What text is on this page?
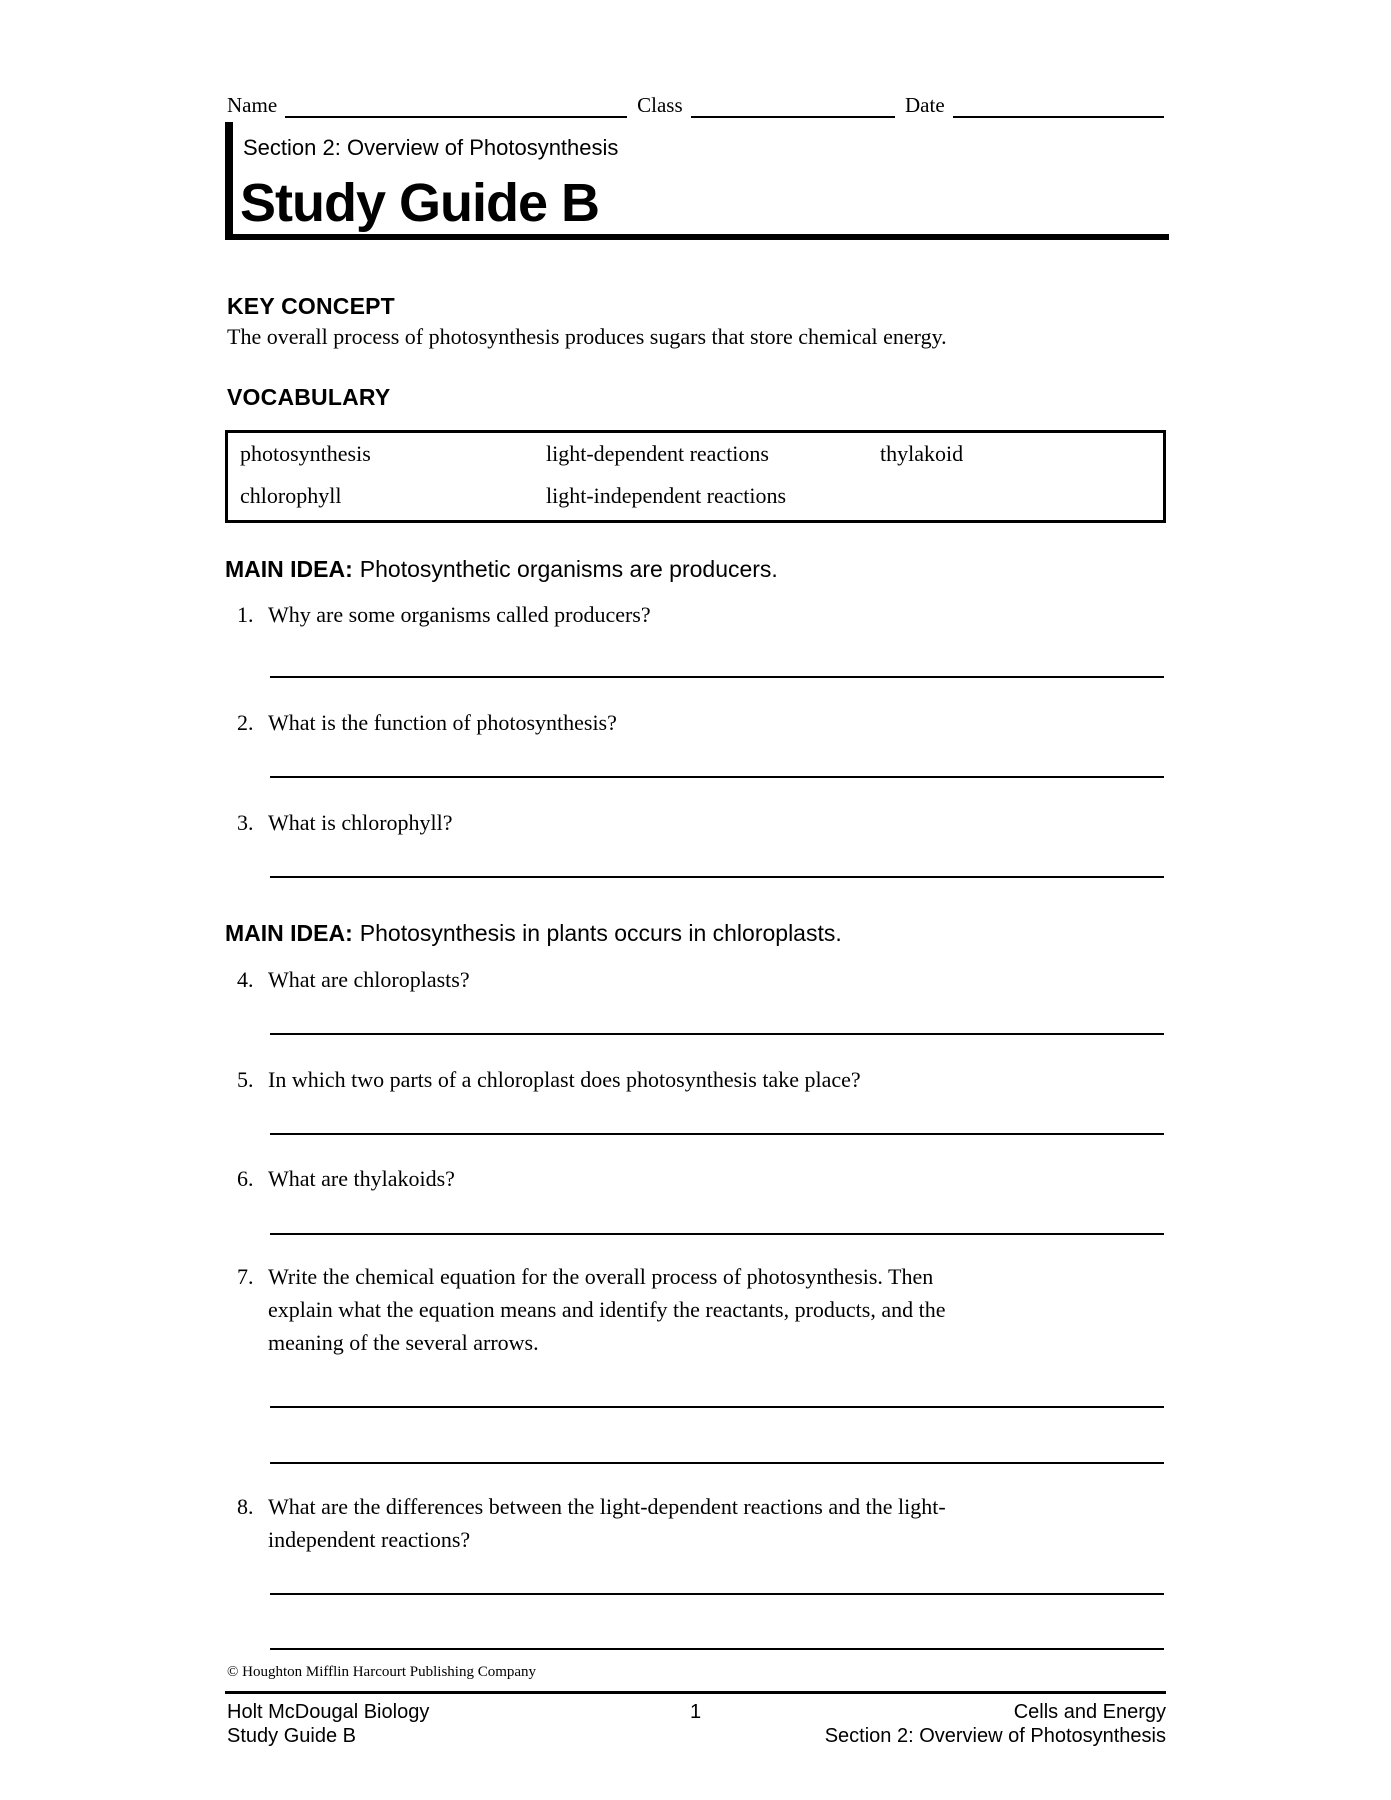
Name	Class	Date
Section 2: Overview of Photosynthesis
Study Guide B
KEY CONCEPT
The overall process of photosynthesis produces sugars that store chemical energy.
VOCABULARY
photosynthesis	light-dependent reactions	thylakoid
chlorophyll	light-independent reactions
MAIN IDEA: Photosynthetic organisms are producers.
1. Why are some organisms called producers?
2. What is the function of photosynthesis?
3. What is chlorophyll?
MAIN IDEA: Photosynthesis in plants occurs in chloroplasts.
4. What are chloroplasts?
5. In which two parts of a chloroplast does photosynthesis take place?
6. What are thylakoids?
7. Write the chemical equation for the overall process of photosynthesis. Then
explain what the equation means and identify the reactants, products, and the
meaning of the several arrows.
8. What are the differences between the light-dependent reactions and the light-
independent reactions?
© Houghton Mifflin Harcourt Publishing Company
Holt McDougal Biology
Study Guide B
1	Cells and Energy
Section 2: Overview of Photosynthesis
